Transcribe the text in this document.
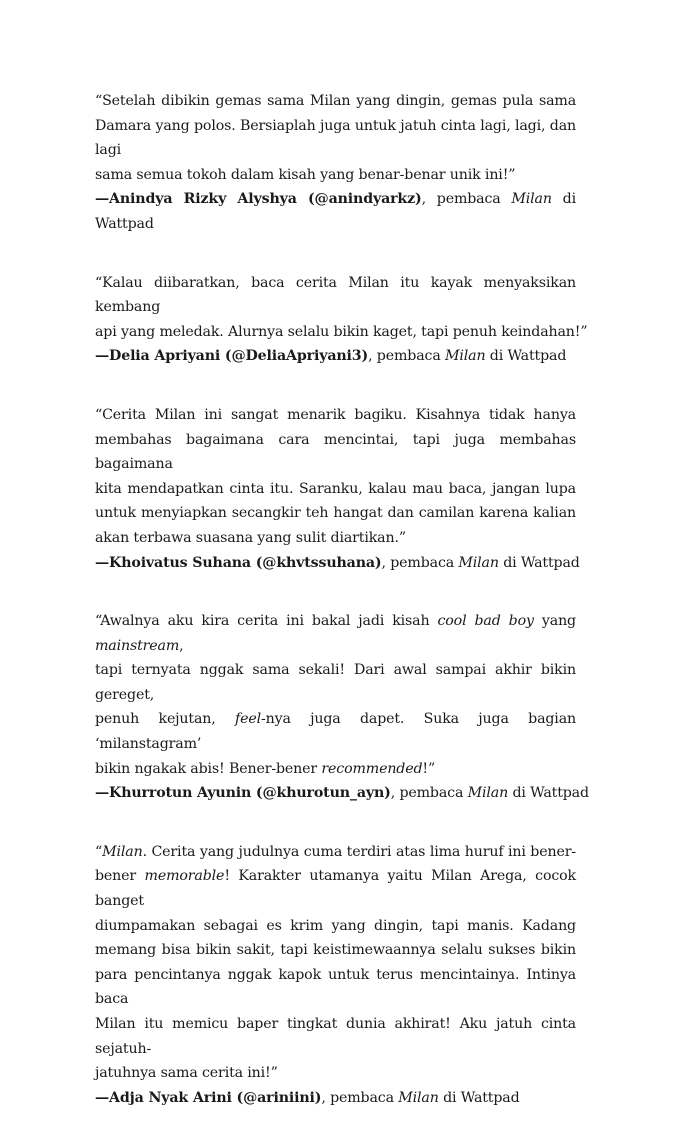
“Setelah dibikin gemas sama Milan yang dingin, gemas pula sama
Damara yang polos. Bersiaplah juga untuk jatuh cinta lagi, lagi, dan lagi
sama semua tokoh dalam kisah yang benar-benar unik ini!”
—Anindya Rizky Alyshya (@anindyarkz), pembaca Milan di
Wattpad
“Kalau diibaratkan, baca cerita Milan itu kayak menyaksikan kembang
api yang meledak. Alurnya selalu bikin kaget, tapi penuh keindahan!”
—Delia Apriyani (@DeliaApriyani3), pembaca Milan di Wattpad
“Cerita Milan ini sangat menarik bagiku. Kisahnya tidak hanya
membahas bagaimana cara mencintai, tapi juga membahas bagaimana
kita mendapatkan cinta itu. Saranku, kalau mau baca, jangan lupa
untuk menyiapkan secangkir teh hangat dan camilan karena kalian
akan terbawa suasana yang sulit diartikan.”
—Khoivatus Suhana (@khvtssuhana), pembaca Milan di Wattpad
“Awalnya aku kira cerita ini bakal jadi kisah cool bad boy yang mainstream,
tapi ternyata nggak sama sekali! Dari awal sampai akhir bikin gereget,
penuh kejutan, feel-nya juga dapet. Suka juga bagian ‘milanstagram’
bikin ngakak abis! Bener-bener recommended!”
—Khurrotun Ayunin (@khurotun_ayn), pembaca Milan di Wattpad
“Milan. Cerita yang judulnya cuma terdiri atas lima huruf ini bener-
bener memorable! Karakter utamanya yaitu Milan Arega, cocok banget
diumpamakan sebagai es krim yang dingin, tapi manis. Kadang
memang bisa bikin sakit, tapi keistimewaannya selalu sukses bikin
para pencintanya nggak kapok untuk terus mencintainya. Intinya baca
Milan itu memicu baper tingkat dunia akhirat! Aku jatuh cinta sejatuh-
jatuhnya sama cerita ini!”
—Adja Nyak Arini (@ariniini), pembaca Milan di Wattpad
